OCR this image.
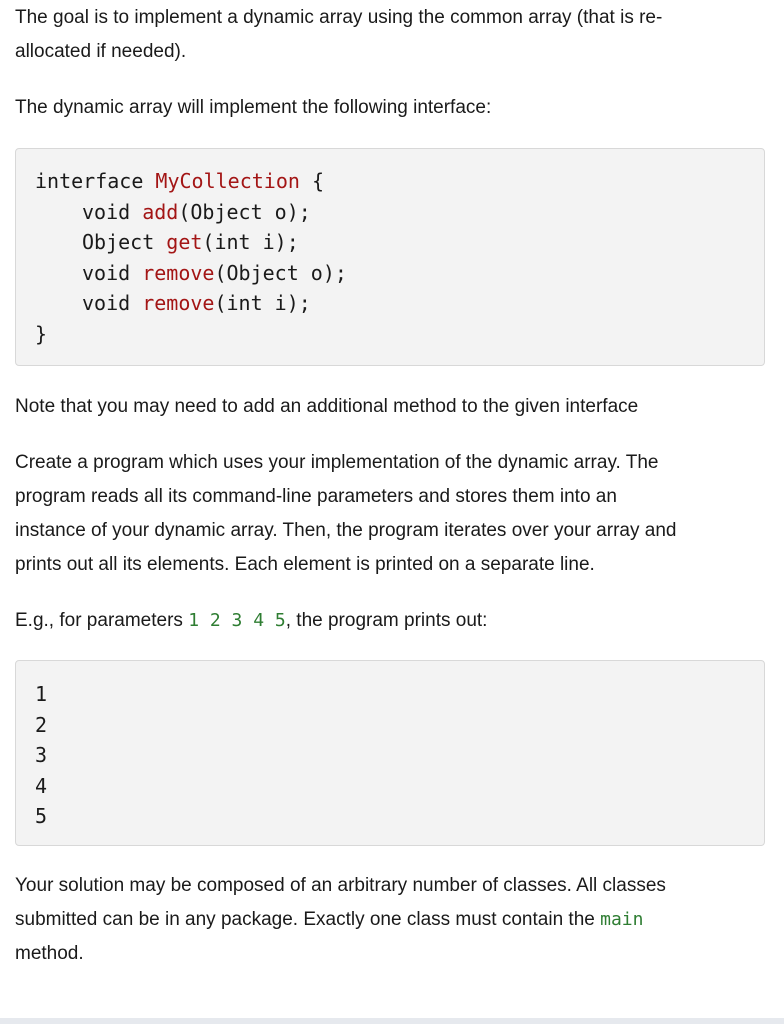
The goal is to implement a dynamic array using the common array (that is re-

allocated if needed).

The dynamic array will implement the following interface:

interface MyCollection {
void add(Object o);
Object get(int i);
void remove(Object o);
void remove(int i);
}

Note that you may need to add an additional method to the given interface

Create a program which uses your implementation of the dynamic array. The

program reads all its command-line parameters and stores them into an

instance of your dynamic array. Then, the program iterates over your array and

prints out all its elements. Each element is printed on a separate line.

E.g., for parameters 1 2 3 4 5, the program prints out:

1
2
3
4
5

Your solution may be composed of an arbitrary number of classes. All classes

submitted can be in any package. Exactly one class must contain the main

method.
